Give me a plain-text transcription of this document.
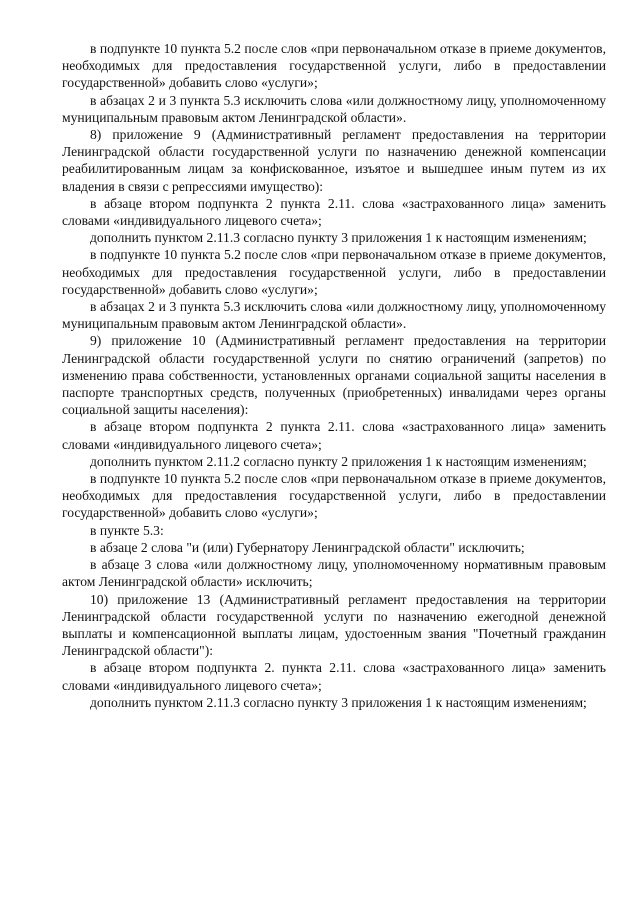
в подпункте 10 пункта 5.2 после слов «при первоначальном отказе в приеме документов, необходимых для предоставления государственной услуги, либо в предоставлении государственной» добавить слово «услуги»;

в абзацах 2 и 3 пункта 5.3 исключить слова «или должностному лицу, уполномоченному муниципальным правовым актом Ленинградской области».

8) приложение 9 (Административный регламент предоставления на территории Ленинградской области государственной услуги по назначению денежной компенсации реабилитированным лицам за конфискованное, изъятое и вышедшее иным путем из их владения в связи с репрессиями имущество):

в абзаце втором подпункта 2 пункта 2.11. слова «застрахованного лица» заменить словами «индивидуального лицевого счета»;

дополнить пунктом 2.11.3 согласно пункту 3 приложения 1 к настоящим изменениям;

в подпункте 10 пункта 5.2 после слов «при первоначальном отказе в приеме документов, необходимых для предоставления государственной услуги, либо в предоставлении государственной» добавить слово «услуги»;

в абзацах 2 и 3 пункта 5.3 исключить слова «или должностному лицу, уполномоченному муниципальным правовым актом Ленинградской области».

9) приложение 10 (Административный регламент предоставления на территории Ленинградской области государственной услуги по снятию ограничений (запретов) по изменению права собственности, установленных органами социальной защиты населения в паспорте транспортных средств, полученных (приобретенных) инвалидами через органы социальной защиты населения):

в абзаце втором подпункта 2 пункта 2.11. слова «застрахованного лица» заменить словами «индивидуального лицевого счета»;

дополнить пунктом 2.11.2 согласно пункту 2 приложения 1 к настоящим изменениям;

в подпункте 10 пункта 5.2 после слов «при первоначальном отказе в приеме документов, необходимых для предоставления государственной услуги, либо в предоставлении государственной» добавить слово «услуги»;

в пункте 5.3:

в абзаце 2 слова "и (или) Губернатору Ленинградской области" исключить;

в абзаце 3 слова «или должностному лицу, уполномоченному нормативным правовым актом Ленинградской области» исключить;

10) приложение 13 (Административный регламент предоставления на территории Ленинградской области государственной услуги по назначению ежегодной денежной выплаты и компенсационной выплаты лицам, удостоенным звания "Почетный гражданин Ленинградской области"):

в абзаце втором подпункта 2. пункта 2.11. слова «застрахованного лица» заменить словами «индивидуального лицевого счета»;

дополнить пунктом 2.11.3 согласно пункту 3 приложения 1 к настоящим изменениям;
